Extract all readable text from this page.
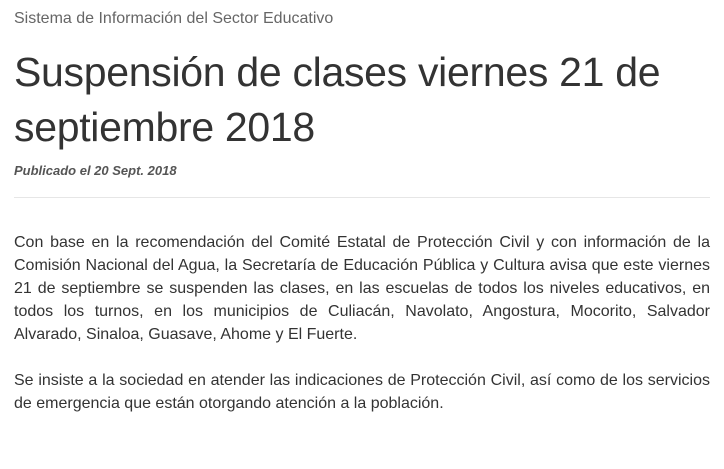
Sistema de Información del Sector Educativo
Suspensión de clases viernes 21 de septiembre 2018
Publicado el 20 Sept. 2018

Con base en la recomendación del Comité Estatal de Protección Civil y con información de la Comisión Nacional del Agua, la Secretaría de Educación Pública y Cultura avisa que este viernes 21 de septiembre se suspenden las clases, en las escuelas de todos los niveles educativos, en todos los turnos, en los municipios de Culiacán, Navolato, Angostura, Mocorito, Salvador Alvarado, Sinaloa, Guasave, Ahome y El Fuerte.

Se insiste a la sociedad en atender las indicaciones de Protección Civil, así como de los servicios de emergencia que están otorgando atención a la población.
